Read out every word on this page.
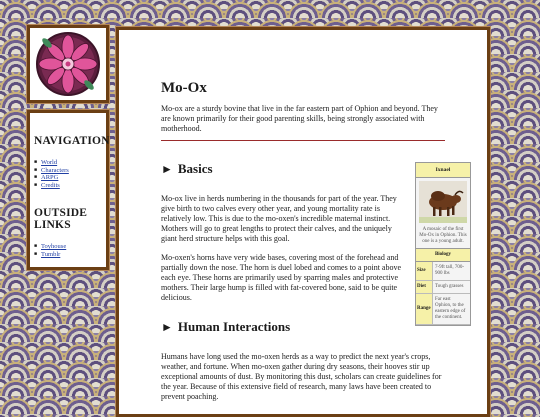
NAVIGATION
■ World
■ Characters
■ ARPG
■ Credits
OUTSIDE LINKS
■ Toyhouse
■ Tumblr
Mo-Ox

Mo-ox are a sturdy bovine that live in the far eastern part of Ophion and beyond. They are known primarily for their good parenting skills, being strongly associated with motherhood.

► Basics	Ixnael
A mosaic of the first Mo-Ox in Ophion. This one is a young adult.
Biology
Size
7-9ft tall, 700-900 lbs
Diet	Tough grasses
Range
Far east Ophion, to the eastern edge of the continent.

Mo-ox live in herds numbering in the thousands for part of the year. They give birth to two calves every other year, and young mortality rate is relatively low. This is due to the mo-oxen's incredible maternal instinct. Mothers will go to great lengths to protect their calves, and the uniquely giant herd structure helps with this goal.

Mo-oxen's horns have very wide bases, covering most of the forehead and partially down the nose. The horn is duel lobed and comes to a point above each eye. These horns are primarily used by sparring males and protective mothers. Their large hump is filled with fat-covered bone, said to be quite delicious.

► Human Interactions

Humans have long used the mo-oxen herds as a way to predict the next year's crops, weather, and fortune. When mo-oxen gather during dry seasons, their hooves stir up exceptional amounts of dust. By monitoring this dust, scholars can create guidelines for the year. Because of this extensive field of research, many laws have been created to prevent poaching.
